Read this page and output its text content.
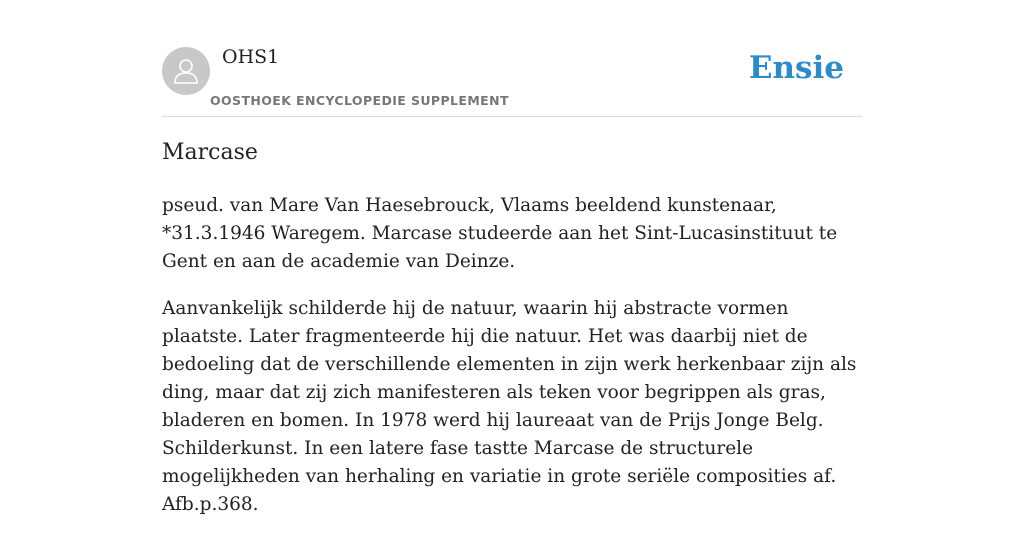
OHS1
OOSTHOEK ENCYCLOPEDIE SUPPLEMENT
Ensie
Marcase

pseud. van Mare Van Haesebrouck, Vlaams beeldend kunstenaar, *31.3.1946 Waregem. Marcase studeerde aan het Sint-Lucasinstituut te Gent en aan de academie van Deinze.

Aanvankelijk schilderde hij de natuur, waarin hij abstracte vormen plaatste. Later fragmenteerde hij die natuur. Het was daarbij niet de bedoeling dat de verschillende elementen in zijn werk herkenbaar zijn als ding, maar dat zij zich manifesteren als teken voor begrippen als gras, bladeren en bomen. In 1978 werd hij laureaat van de Prijs Jonge Belg. Schilderkunst. In een latere fase tastte Marcase de structurele mogelijkheden van herhaling en variatie in grote seriële composities af. Afb.p.368.
